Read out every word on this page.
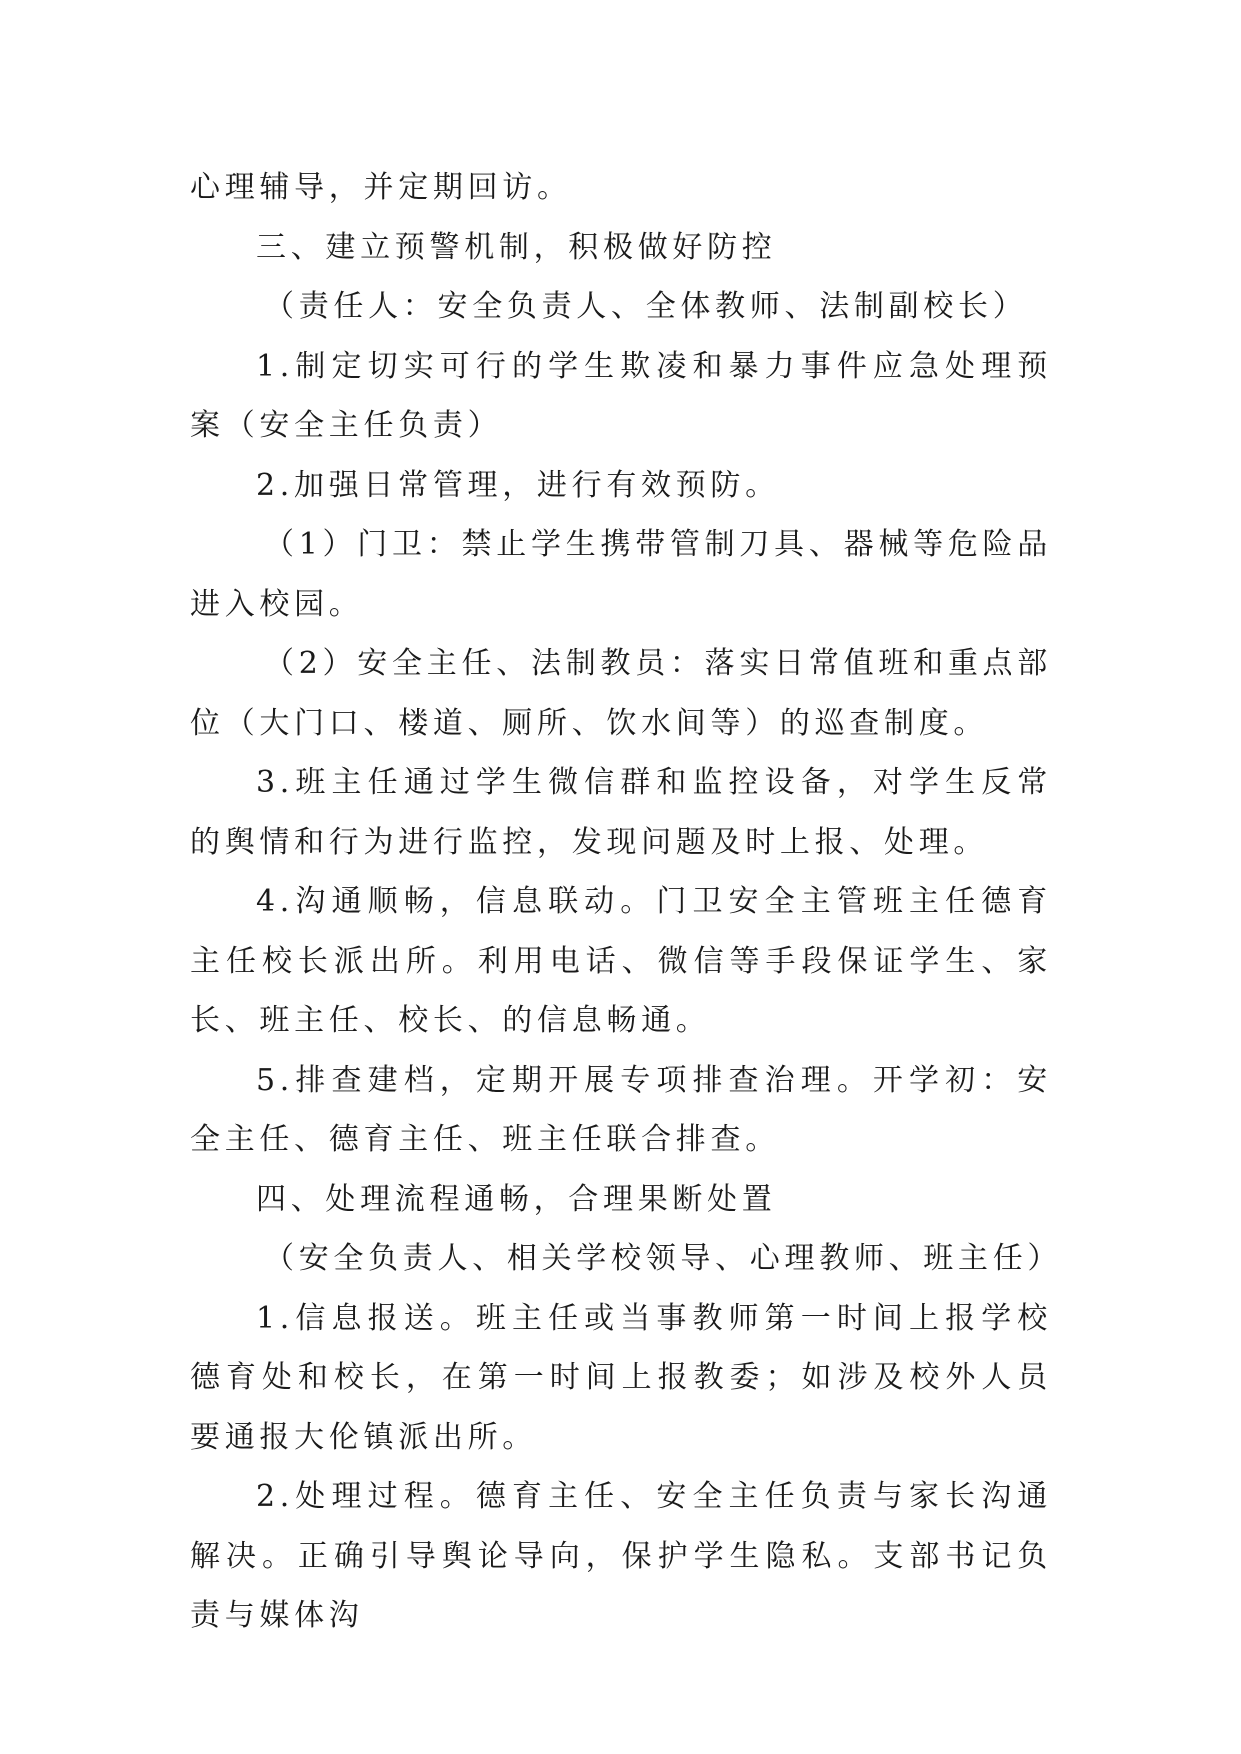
心理辅导，并定期回访。

三、建立预警机制，积极做好防控

（责任人：安全负责人、全体教师、法制副校长）

1.制定切实可行的学生欺凌和暴力事件应急处理预案（安全主任负责）

2.加强日常管理，进行有效预防。

（1）门卫：禁止学生携带管制刀具、器械等危险品进入校园。

（2）安全主任、法制教员：落实日常值班和重点部位（大门口、楼道、厕所、饮水间等）的巡查制度。

3.班主任通过学生微信群和监控设备，对学生反常的舆情和行为进行监控，发现问题及时上报、处理。

4.沟通顺畅，信息联动。门卫安全主管班主任德育主任校长派出所。利用电话、微信等手段保证学生、家长、班主任、校长、的信息畅通。

5.排查建档，定期开展专项排查治理。开学初：安全主任、德育主任、班主任联合排查。

四、处理流程通畅，合理果断处置

（安全负责人、相关学校领导、心理教师、班主任）

1.信息报送。班主任或当事教师第一时间上报学校德育处和校长，在第一时间上报教委；如涉及校外人员要通报大伦镇派出所。

2.处理过程。德育主任、安全主任负责与家长沟通解决。正确引导舆论导向，保护学生隐私。支部书记负责与媒体沟
